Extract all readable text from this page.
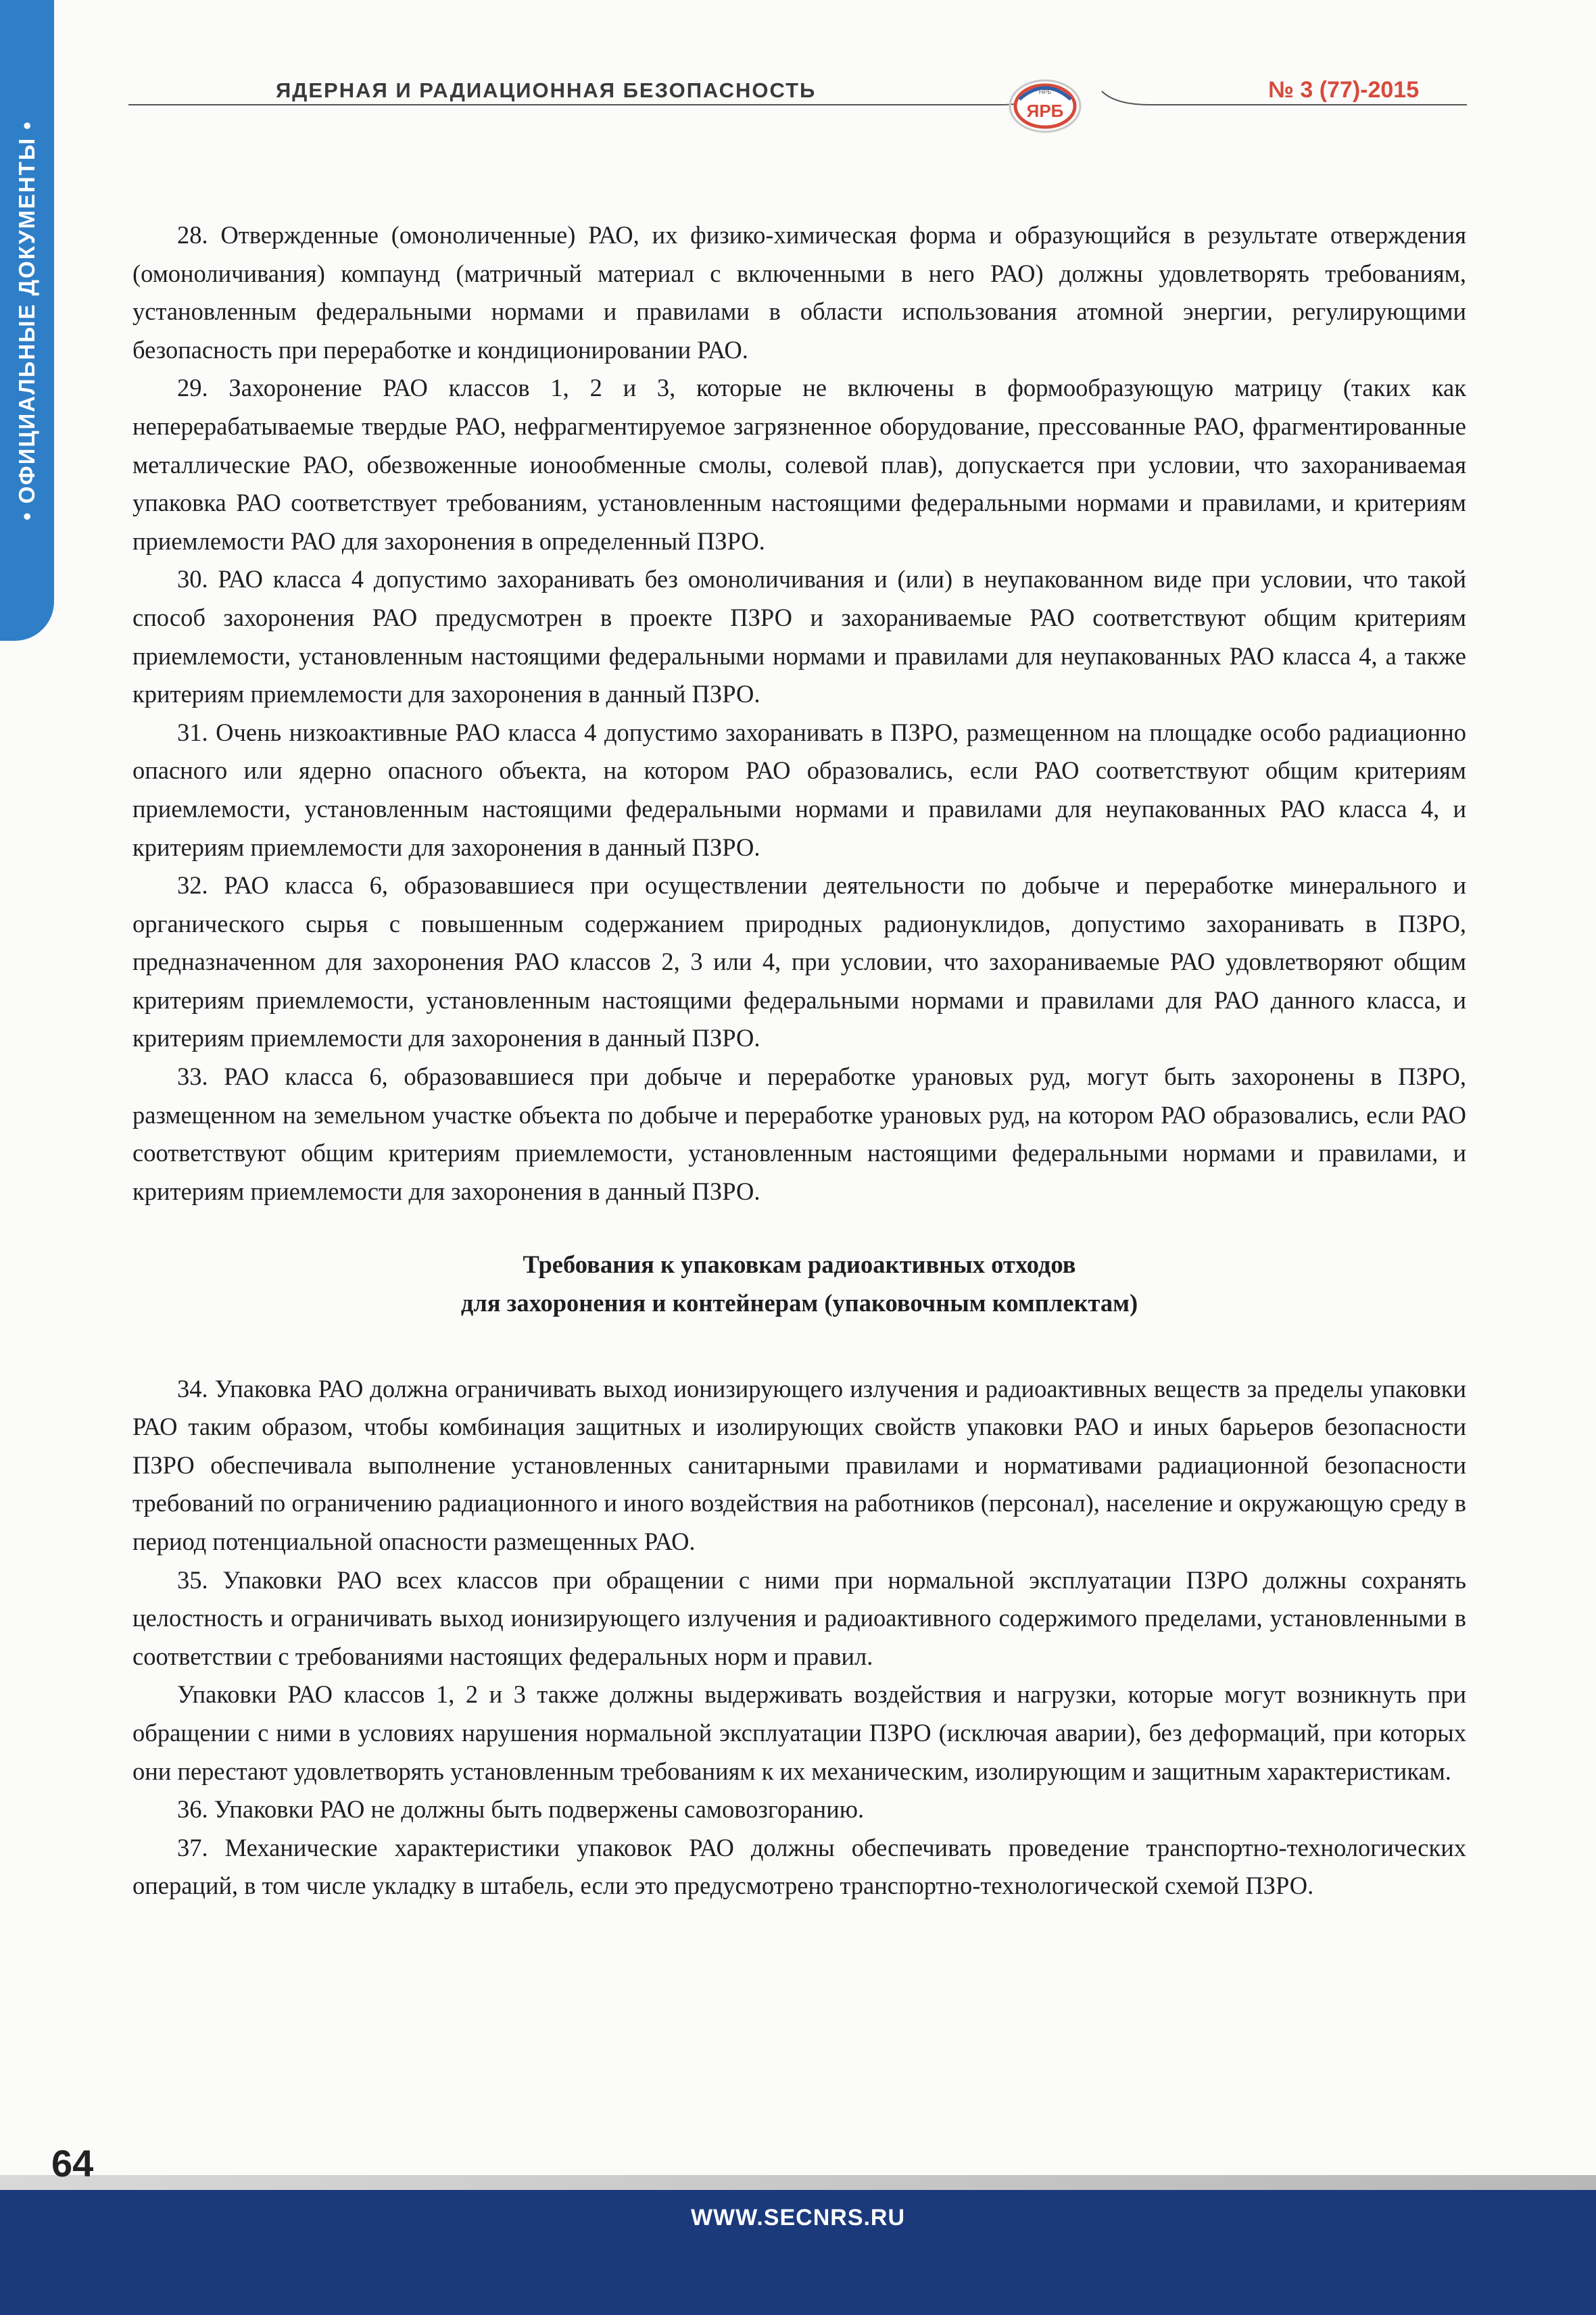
• ОФИЦИАЛЬНЫЕ ДОКУМЕНТЫ •
ЯРБ
НРБ
ЯДЕРНАЯ И РАДИАЦИОННАЯ БЕЗОПАСНОСТЬ	№ 3 (77)-2015

28. Отвержденные (омоноличенные) РАО, их физико-химическая форма и образующийся в результате отверждения (омоноличивания) компаунд (матричный материал с включенными в него РАО) должны удовлетворять требованиям, установленным федеральными нормами и правилами в области использования атомной энергии, регулирующими безопасность при переработке и кондиционировании РАО.

29. Захоронение РАО классов 1, 2 и 3, которые не включены в формообразующую матрицу (таких как неперерабатываемые твердые РАО, нефрагментируемое загрязненное оборудование, прессованные РАО, фрагментированные металлические РАО, обезвоженные ионообменные смолы, солевой плав), допускается при условии, что захораниваемая упаковка РАО соответствует требованиям, установленным настоящими федеральными нормами и правилами, и критериям приемлемости РАО для захоронения в определенный ПЗРО.

30. РАО класса 4 допустимо захоранивать без омоноличивания и (или) в неупакованном виде при условии, что такой способ захоронения РАО предусмотрен в проекте ПЗРО и захораниваемые РАО соответствуют общим критериям приемлемости, установленным настоящими федеральными нормами и правилами для неупакованных РАО класса 4, а также критериям приемлемости для захоронения в данный ПЗРО.

31. Очень низкоактивные РАО класса 4 допустимо захоранивать в ПЗРО, размещенном на площадке особо радиационно опасного или ядерно опасного объекта, на котором РАО образовались, если РАО соответствуют общим критериям приемлемости, установленным настоящими федеральными нормами и правилами для неупакованных РАО класса 4, и критериям приемлемости для захоронения в данный ПЗРО.

32. РАО класса 6, образовавшиеся при осуществлении деятельности по добыче и переработке минерального и органического сырья с повышенным содержанием природных радионуклидов, допустимо захоранивать в ПЗРО, предназначенном для захоронения РАО классов 2, 3 или 4, при условии, что захораниваемые РАО удовлетворяют общим критериям приемлемости, установленным настоящими федеральными нормами и правилами для РАО данного класса, и критериям приемлемости для захоронения в данный ПЗРО.

33. РАО класса 6, образовавшиеся при добыче и переработке урановых руд, могут быть захоронены в ПЗРО, размещенном на земельном участке объекта по добыче и переработке урановых руд, на котором РАО образовались, если РАО соответствуют общим критериям приемлемости, установленным настоящими федеральными нормами и правилами, и критериям приемлемости для захоронения в данный ПЗРО.

Требования к упаковкам радиоактивных отходов
для захоронения и контейнерам (упаковочным комплектам)

34. Упаковка РАО должна ограничивать выход ионизирующего излучения и радиоактивных веществ за пределы упаковки РАО таким образом, чтобы комбинация защитных и изолирующих свойств упаковки РАО и иных барьеров безопасности ПЗРО обеспечивала выполнение установленных санитарными правилами и нормативами радиационной безопасности требований по ограничению радиационного и иного воздействия на работников (персонал), население и окружающую среду в период потенциальной опасности размещенных РАО.

35. Упаковки РАО всех классов при обращении с ними при нормальной эксплуатации ПЗРО должны сохранять целостность и ограничивать выход ионизирующего излучения и радиоактивного содержимого пределами, установленными в соответствии с требованиями настоящих федеральных норм и правил.

Упаковки РАО классов 1, 2 и 3 также должны выдерживать воздействия и нагрузки, которые могут возникнуть при обращении с ними в условиях нарушения нормальной эксплуатации ПЗРО (исключая аварии), без деформаций, при которых они перестают удовлетворять установленным требованиям к их механическим, изолирующим и защитным характеристикам.

36. Упаковки РАО не должны быть подвержены самовозгоранию.

37. Механические характеристики упаковок РАО должны обеспечивать проведение транспортно-технологических операций, в том числе укладку в штабель, если это предусмотрено транспортно-технологической схемой ПЗРО.

64
WWW.SECNRS.RU
